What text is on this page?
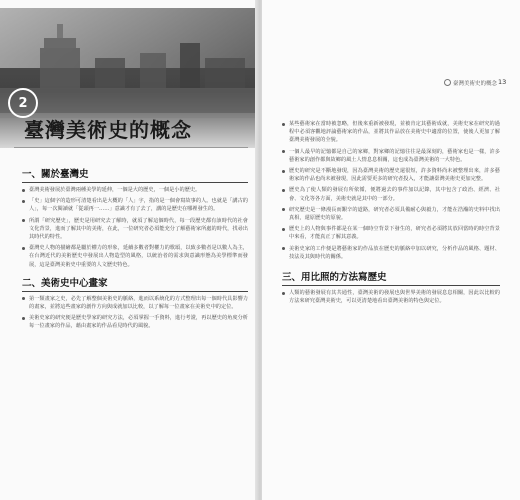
2
臺灣美術史的概念
一、關於臺灣史

臺灣美術發展於臺灣兩種美學的延伸，一個是大的歷史，一個是小的歷史。

「史」這個字的造形可清楚看出是大概的「人」字，指的是一個會寫故事的人。也就是「講古的人」，每一次閱讀就「從頭再一……」意識才有了去了，講的是歷史在哪裡發生的。

所謂「研究歷史」，歷史是用研究去了解時，就須了解這個時代，每一段歷史都有該時代的社會文化背景，進而了解其中的美術，在此，一位研究者必須能充分了解藝術家所處的時代，找尋出其時代的特性。

臺灣史人物的描繪都是屬於權力的形象，延續多數者對權力的歌頌，以致多數者是以數人為主，在台灣近代的美術歷史中發展出人物造型的風格，以統治者的需求與意識形態為美學標準而發展，這是臺灣美術史中重要的人文歷史特色。

二、美術史中心畫家

第一類畫家之史，必先了解整個美術史的脈絡，進而以系統化的方式整理出每一個時代具影響力的畫家，並將這些畫家的創作方向與成就加以比較，以了解每一位畫家在美術史中的定位。

美術史家的研究便是歷史學家的研究方法，必須掌握一手資料，進行考證，再以歷史的角度分析每一位畫家的作品，藉由畫家的作品看見時代的風貌。

臺灣美術史的概念 13

某些藝術家在當時被忽略，但後來重新被發現，並被肯定其藝術成就，美術史家在研究的過程中必須客觀地評論藝術家的作品，並將其作品放在美術史中適當的位置，使後人更加了解臺灣美術發展的全貌。

一個人最早的記憶都是自己的家鄉，對家鄉的記憶往往是最深刻的，藝術家也是一樣，許多藝術家的創作都與故鄉的風土人情息息相關，這也成為臺灣美術的一大特色。

歷史的研究是不斷地發現，因為臺灣美術的歷史還很短，許多資料尚未被整理出來，許多藝術家的作品也尚未被發現，因此需要更多的研究者投入，才能讓臺灣美術史更加完整。

歷史為了使人類的發展有所依循，便將過去的事件加以記錄，其中包含了政治、經濟、社會、文化等各方面，美術史就是其中的一部分。

研究歷史是一條漫長而艱辛的道路，研究者必須具備耐心與毅力，才能在浩瀚的史料中找出真相，還原歷史的原貌。

歷史上的人物與事件都是在某一個時空背景下發生的，研究者必須將其放回當時的時空背景中來看，才能真正了解其意義。

美術史家的工作便是將藝術家的作品放在歷史的脈絡中加以研究，分析作品的風格、題材、技法及其與時代的關係。

三、用比照的方法寫歷史

人類的藝術發展有其共通性，臺灣美術的發展也與世界美術的發展息息相關，因此以比較的方法來研究臺灣美術史，可以更清楚地看出臺灣美術的特色與定位。
